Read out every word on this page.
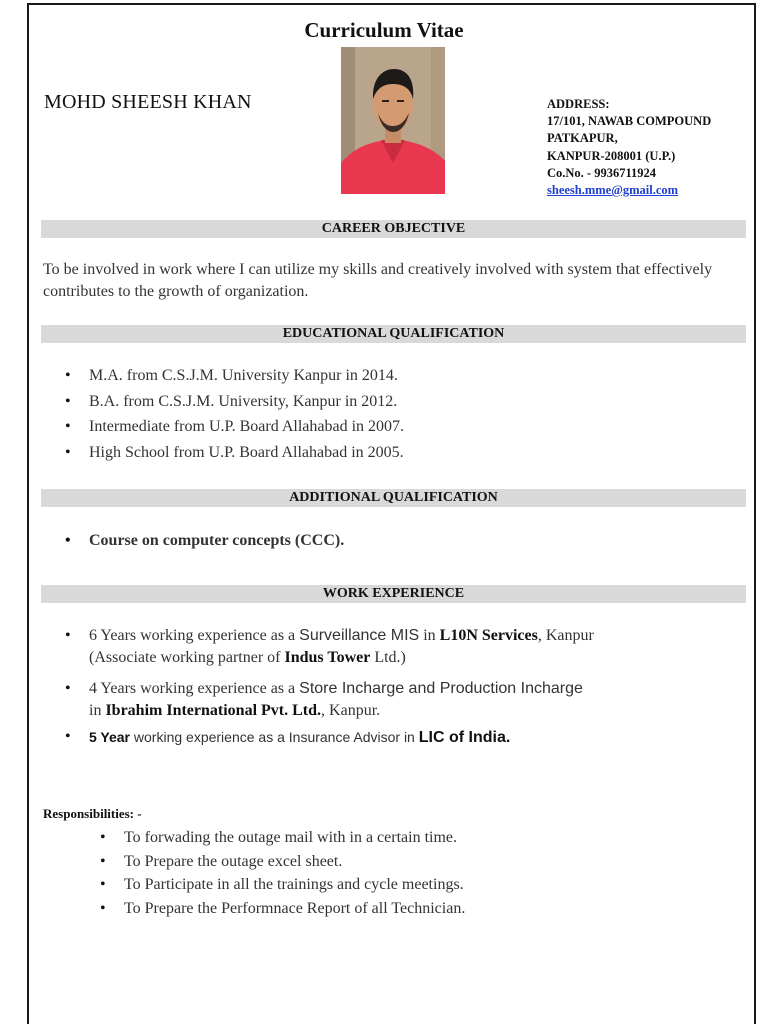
Curriculum Vitae
MOHD SHEESH KHAN	ADDRESS:
17/101, NAWAB COMPOUND
PATKAPUR,
KANPUR-208001 (U.P.)
Co.No. - 9936711924
sheesh.mme@gmail.com
CAREER OBJECTIVE
To be involved in work where I can utilize my skills and creatively involved with system that effectively contributes to the growth of organization.
EDUCATIONAL QUALIFICATION
• M.A. from C.S.J.M. University Kanpur in 2014.
• B.A. from C.S.J.M. University, Kanpur in 2012.
• Intermediate from U.P. Board Allahabad in 2007.
• High School from U.P. Board Allahabad in 2005.
ADDITIONAL QUALIFICATION
• Course on computer concepts (CCC).
WORK EXPERIENCE
• 6 Years working experience as a Surveillance MIS in L10N Services, Kanpur
(Associate working partner of Indus Tower Ltd.)
• 4 Years working experience as a Store Incharge and Production Incharge
in Ibrahim International Pvt. Ltd., Kanpur.
• 5 Year working experience as a Insurance Advisor in LIC of India.
Responsibilities: -
• To forwading the outage mail with in a certain time.
• To Prepare the outage excel sheet.
• To Participate in all the trainings and cycle meetings.
• To Prepare the Performnace Report of all Technician.
